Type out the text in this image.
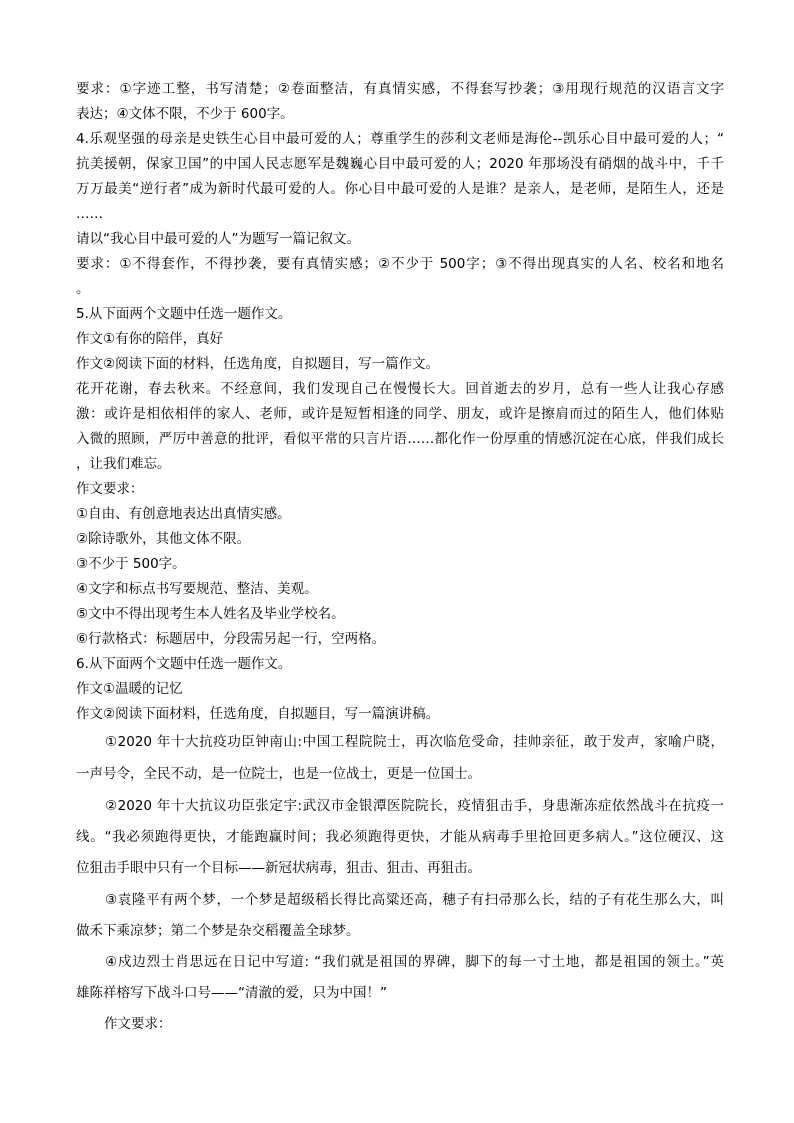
要求：①字迹工整，书写清楚；②卷面整洁，有真情实感，不得套写抄袭；③用现行规范的汉语言文字
表达；④文体不限，不少于 600字。
4.乐观坚强的母亲是史铁生心目中最可爱的人；尊重学生的莎利文老师是海伦--凯乐心目中最可爱的人；“
抗美援朝，保家卫国”的中国人民志愿军是魏巍心目中最可爱的人；2020 年那场没有硝烟的战斗中，千千
万万最美“逆行者”成为新时代最可爱的人。你心目中最可爱的人是谁？是亲人，是老师，是陌生人，还是
……
请以“我心目中最可爱的人”为题写一篇记叙文。
要求：①不得套作，不得抄袭，要有真情实感；②不少于 500字；③不得出现真实的人名、校名和地名
。
5.从下面两个文题中任选一题作文。
作文①有你的陪伴，真好
作文②阅读下面的材料，任选角度，自拟题目，写一篇作文。
花开花谢，春去秋来。不经意间，我们发现自己在慢慢长大。回首逝去的岁月，总有一些人让我心存感
激：或许是相依相伴的家人、老师，或许是短暂相逢的同学、朋友，或许是擦肩而过的陌生人，他们体贴
入微的照顾，严厉中善意的批评，看似平常的只言片语……都化作一份厚重的情感沉淀在心底，伴我们成长
，让我们难忘。
作文要求：
①自由、有创意地表达出真情实感。
②除诗歌外，其他文体不限。
③不少于 500字。
④文字和标点书写要规范、整洁、美观。
⑤文中不得出现考生本人姓名及毕业学校名。
⑥行款格式：标题居中，分段需另起一行，空两格。
6.从下面两个文题中任选一题作文。
作文①温暖的记忆
作文②阅读下面材料，任选角度，自拟题目，写一篇演讲稿。
①2020 年十大抗疫功臣钟南山:中国工程院院士，再次临危受命，挂帅亲征，敢于发声，家喻户晓，
一声号令，全民不动，是一位院士，也是一位战士，更是一位国士。
②2020 年十大抗议功臣张定宇:武汉市金银潭医院院长，疫情狙击手，身患渐冻症依然战斗在抗疫一
线。“我必须跑得更快，才能跑赢时间；我必须跑得更快，才能从病毒手里抢回更多病人。”这位硬汉、这
位狙击手眼中只有一个目标——新冠状病毒，狙击、狙击、再狙击。
③袁隆平有两个梦，一个梦是超级稻长得比高粱还高，穗子有扫帚那么长，结的子有花生那么大，叫
做禾下乘凉梦；第二个梦是杂交稻覆盖全球梦。
④戍边烈士肖思远在日记中写道: “我们就是祖国的界碑，脚下的每一寸土地，都是祖国的领土。”英
雄陈祥榕写下战斗口号——“清澈的爱，只为中国！”
作文要求：
